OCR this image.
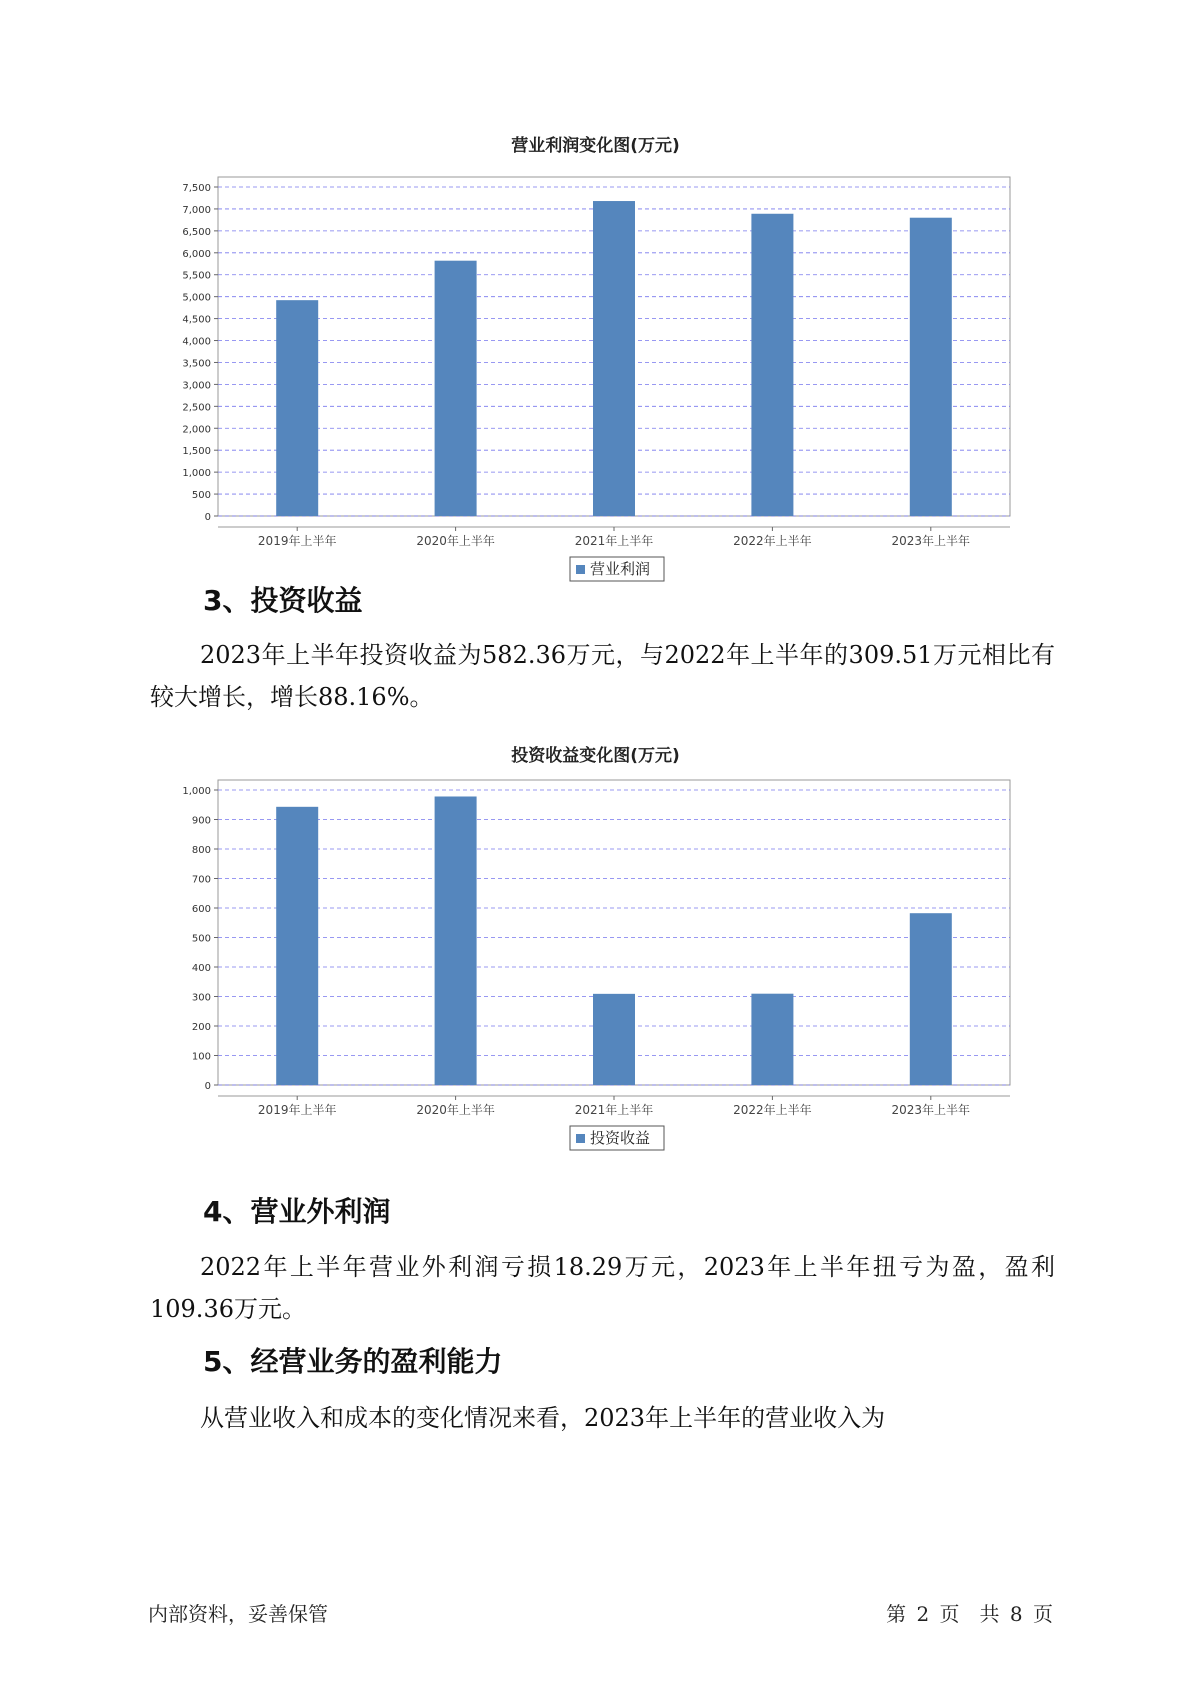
营业利润变化图(万元)
0
500
1,000
1,500
2,000
2,500
3,000
3,500
4,000
4,500
5,000
5,500
6,000
6,500
7,000
7,500
2019年上半年	2020年上半年	2021年上半年	2022年上半年	2023年上半年
营业利润
3、投资收益

2023年上半年投资收益为582.36万元，与2022年上半年的309.51万元相比有较大增长，增长88.16%。

投资收益变化图(万元)
0
100
200
300
400
500
600
700
800
900
1,000
2019年上半年	2020年上半年	2021年上半年	2022年上半年	2023年上半年
投资收益
4、营业外利润

2022年上半年营业外利润亏损18.29万元，2023年上半年扭亏为盈，盈利109.36万元。

5、经营业务的盈利能力

从营业收入和成本的变化情况来看，2023年上半年的营业收入为

内部资料，妥善保管	第 2 页　共 8 页
